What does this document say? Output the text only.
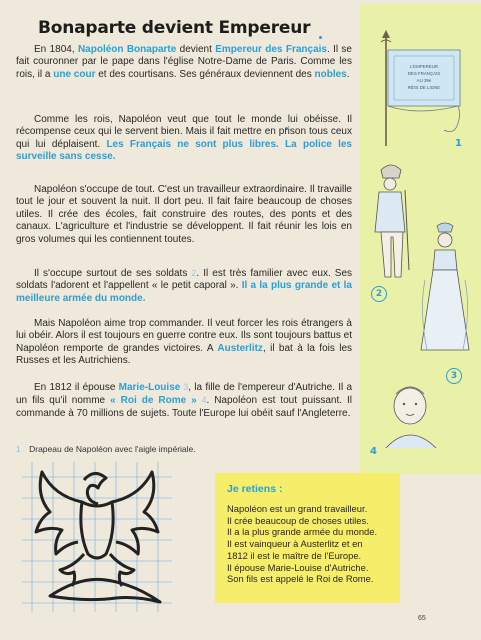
Bonaparte devient Empereur

En 1804, Napoléon Bonaparte devient Empereur des Français. Il se fait couronner par le pape dans l'église Notre-Dame de Paris. Comme les rois, il a une cour et des courtisans. Ses généraux deviennent des nobles.

Comme les rois, Napoléon veut que tout le monde lui obéisse. Il récompense ceux qui le servent bien. Mais il fait mettre en prison tous ceux qui lui déplaisent. Les Français ne sont plus libres. La police les surveille sans cesse.

Napoléon s'occupe de tout. C'est un travailleur extraordinaire. Il travaille tout le jour et souvent la nuit. Il dort peu. Il fait faire beaucoup de choses utiles. Il crée des écoles, fait construire des routes, des ponts et des canaux. L'agriculture et l'industrie se développent. Il fait réunir les lois en gros volumes qui les contiennent toutes.

Il s'occupe surtout de ses soldats 2. Il est très familier avec eux. Ses soldats l'adorent et l'appellent « le petit caporal ». Il a la plus grande et la meilleure armée du monde.

Mais Napoléon aime trop commander. Il veut forcer les rois étrangers à lui obéir. Alors il est toujours en guerre contre eux. Ils sont toujours battus et Napoléon remporte de grandes victoires. A Austerlitz, il bat à la fois les Russes et les Autrichiens.

En 1812 il épouse Marie-Louise 3, la fille de l'empereur d'Autriche. Il a un fils qu'il nomme « Roi de Rome » 4. Napoléon est tout puissant. Il commande à 70 millions de sujets. Toute l'Europe lui obéit sauf l'Angleterre.

L'EMPEREUR
DES FRANÇAIS
AU 39e
RÉGt DE LIGNE
1
2
3
4
1 Drapeau de Napoléon avec l'aigle impériale.
Je retiens :
Napoléon est un grand travailleur.
Il crée beaucoup de choses utiles.
Il a la plus grande armée du monde.
Il est vainqueur à Austerlitz et en
1812 il est le maître de l'Europe.
Il épouse Marie-Louise d'Autriche.
Son fils est appelé le Roi de Rome.
65
